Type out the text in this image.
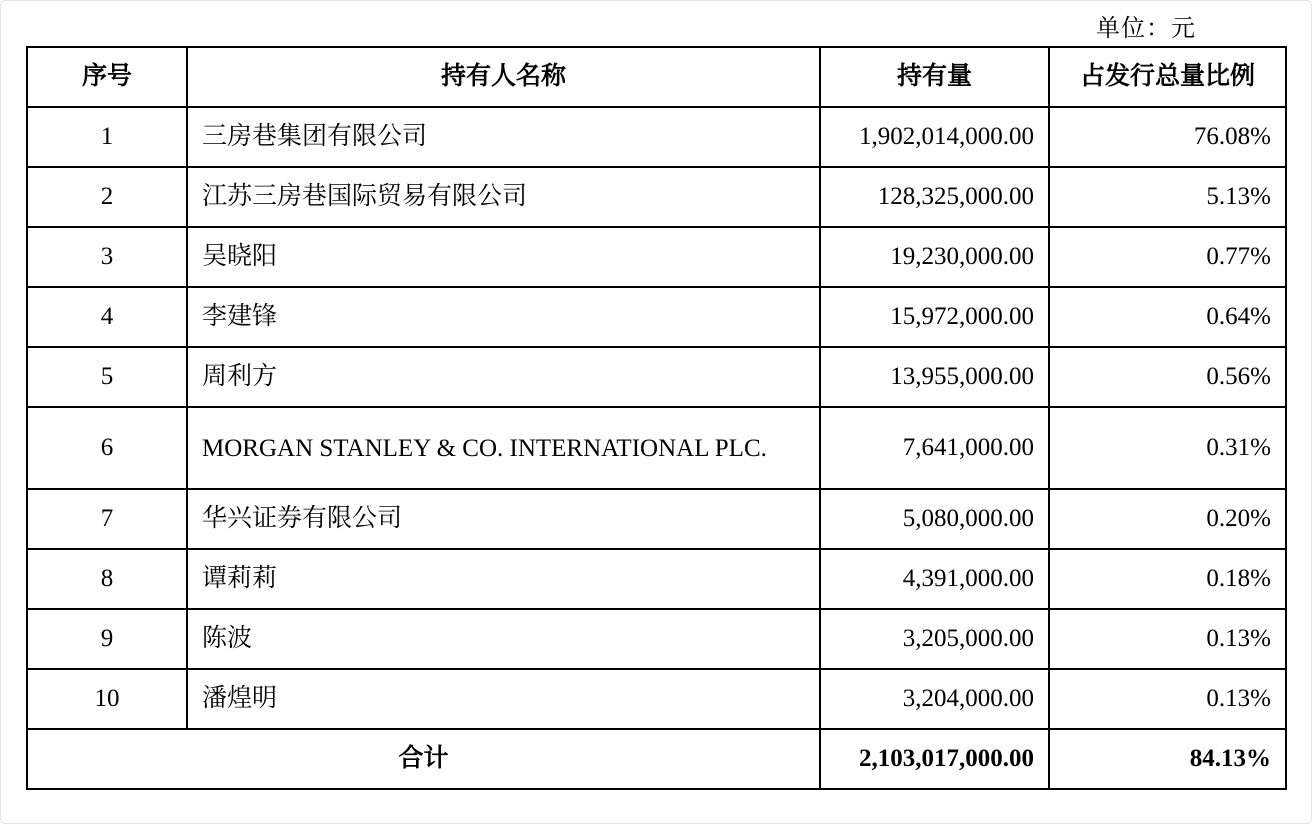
单位：元
序号	持有人名称	持有量	占发行总量比例
1	三房巷集团有限公司	1,902,014,000.00	76.08%
2	江苏三房巷国际贸易有限公司	128,325,000.00	5.13%
3	吴晓阳	19,230,000.00	0.77%
4	李建锋	15,972,000.00	0.64%
5	周利方	13,955,000.00	0.56%
6	MORGAN STANLEY & CO. INTERNATIONAL PLC.	7,641,000.00	0.31%
7	华兴证券有限公司	5,080,000.00	0.20%
8	谭莉莉	4,391,000.00	0.18%
9	陈波	3,205,000.00	0.13%
10	潘煌明	3,204,000.00	0.13%
合计		2,103,017,000.00	84.13%
